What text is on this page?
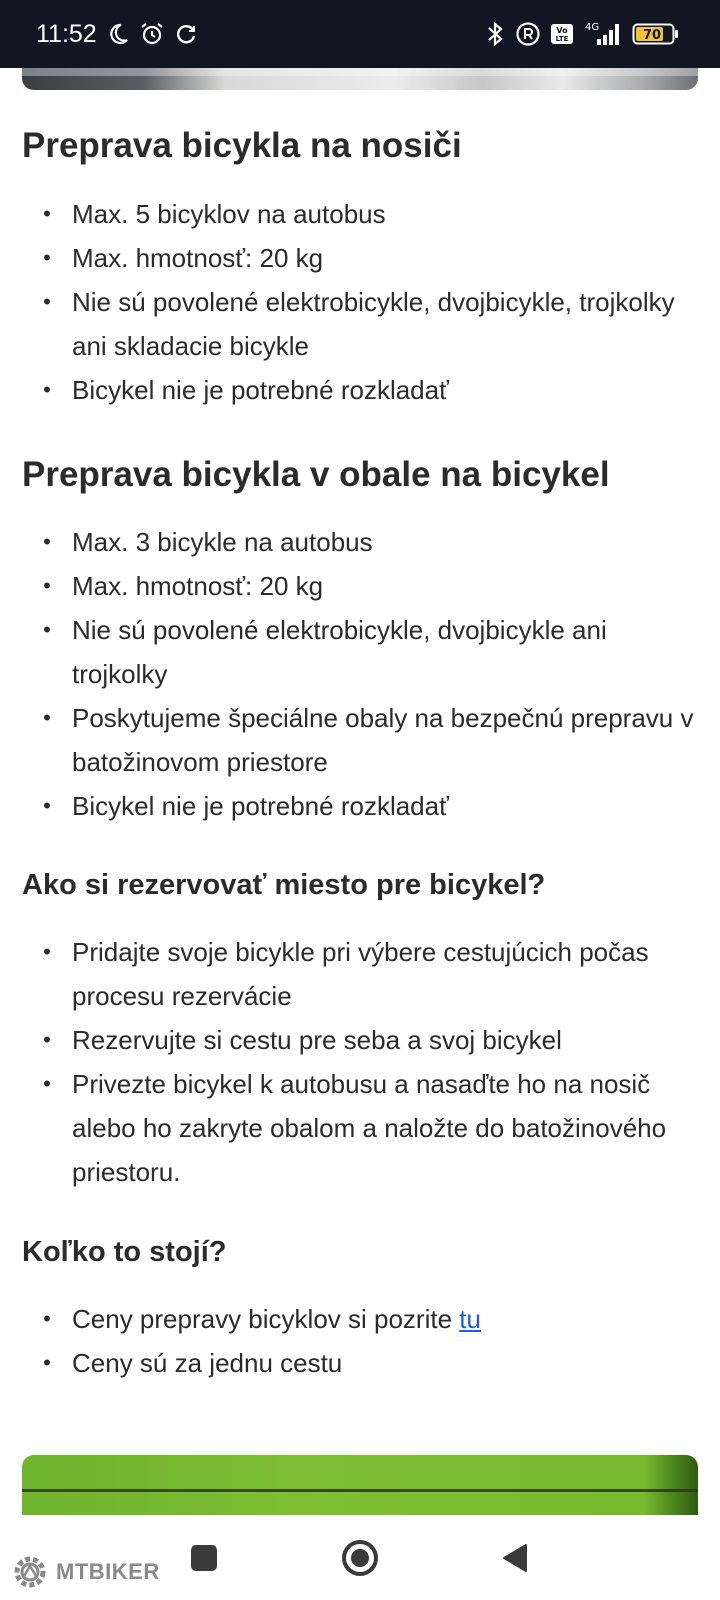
11:52	Vo
LTE
4G
70
Preprava bicykla na nosiči
• Max. 5 bicyklov na autobus
• Max. hmotnosť: 20 kg
• Nie sú povolené elektrobicykle, dvojbicykle, trojkolky ani skladacie bicykle
• Bicykel nie je potrebné rozkladať
Preprava bicykla v obale na bicykel
• Max. 3 bicykle na autobus
• Max. hmotnosť: 20 kg
• Nie sú povolené elektrobicykle, dvojbicykle ani trojkolky
• Poskytujeme špeciálne obaly na bezpečnú prepravu v batožinovom priestore
• Bicykel nie je potrebné rozkladať
Ako si rezervovať miesto pre bicykel?
• Pridajte svoje bicykle pri výbere cestujúcich počas procesu rezervácie
• Rezervujte si cestu pre seba a svoj bicykel
• Privezte bicykel k autobusu a nasaďte ho na nosič alebo ho zakryte obalom a naložte do batožinového priestoru.
Koľko to stojí?
• Ceny prepravy bicyklov si pozrite tu
• Ceny sú za jednu cestu
MTBIKER
